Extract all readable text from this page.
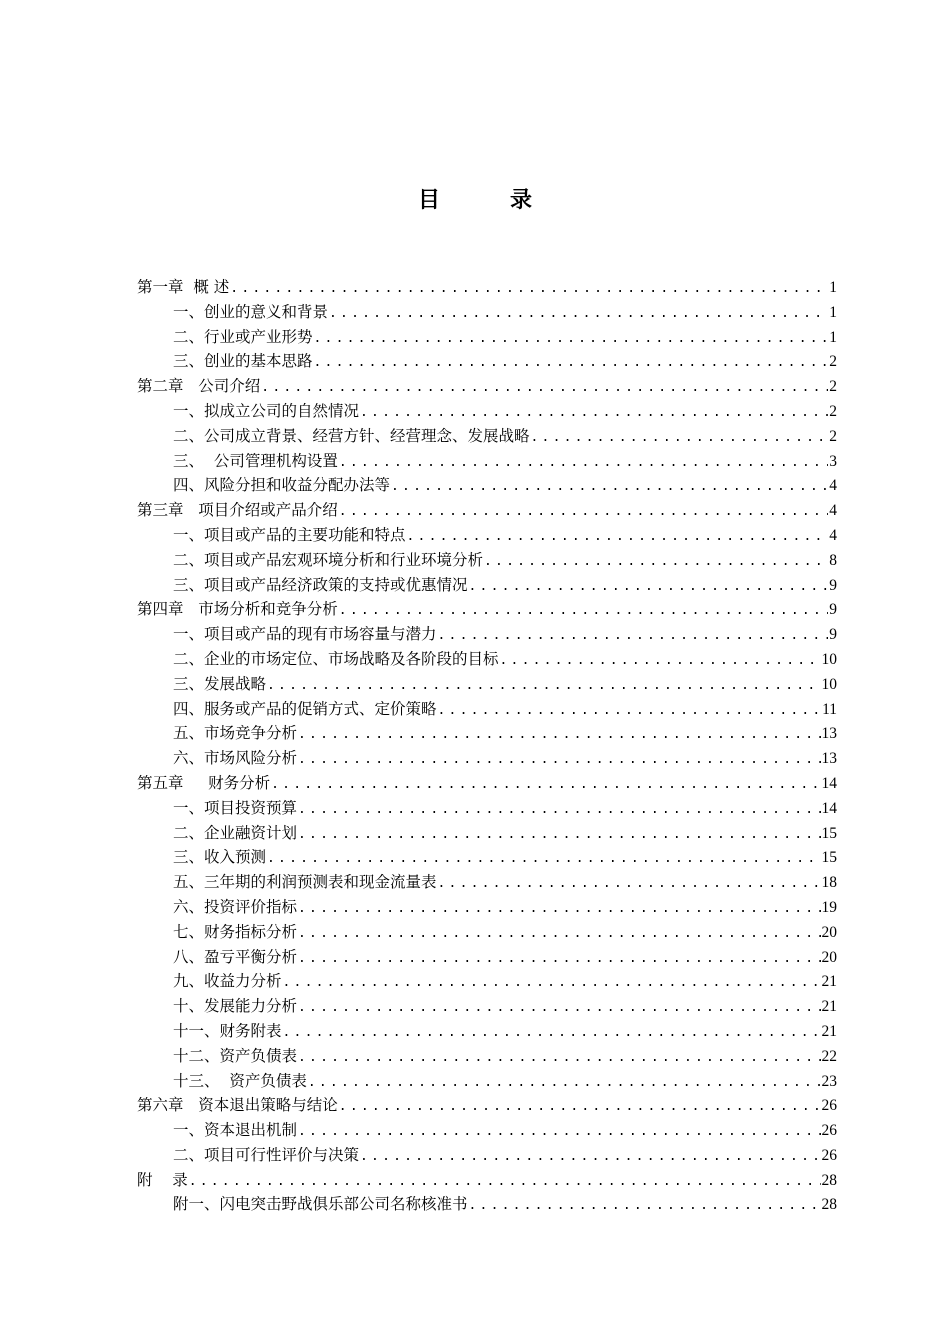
目　录
第一章  概 述 .....	1
一、创业的意义和背景 .....	1
二、行业或产业形势 .....	1
三、创业的基本思路 .....	2
第二章   公司介绍 .....	2
一、拟成立公司的自然情况 .....	2
二、公司成立背景、经营方针、经营理念、发展战略 .....	2
三、  公司管理机构设置 .....	3
四、风险分担和收益分配办法等 .....	4
第三章   项目介绍或产品介绍 .....	4
一、项目或产品的主要功能和特点 .....	4
二、项目或产品宏观环境分析和行业环境分析 .....	8
三、项目或产品经济政策的支持或优惠情况 .....	9
第四章   市场分析和竞争分析 .....	9
一、项目或产品的现有市场容量与潜力 .....	9
二、企业的市场定位、市场战略及各阶段的目标 .....	10
三、发展战略 .....	10
四、服务或产品的促销方式、定价策略 .....	11
五、市场竞争分析 .....	13
六、市场风险分析 .....	13
第五章     财务分析 .....	14
一、项目投资预算 .....	14
二、企业融资计划 .....	15
三、收入预测 .....	15
五、三年期的利润预测表和现金流量表 .....	18
六、投资评价指标 .....	19
七、财务指标分析 .....	20
八、盈亏平衡分析 .....	20
九、收益力分析 .....	21
十、发展能力分析 .....	21
十一、财务附表 .....	21
十二、资产负债表 .....	22
十三、  资产负债表 .....	23
第六章   资本退出策略与结论 .....	26
一、资本退出机制 .....	26
二、项目可行性评价与决策 .....	26
附    录 .....	28
附一、闪电突击野战俱乐部公司名称核准书 .....	28
